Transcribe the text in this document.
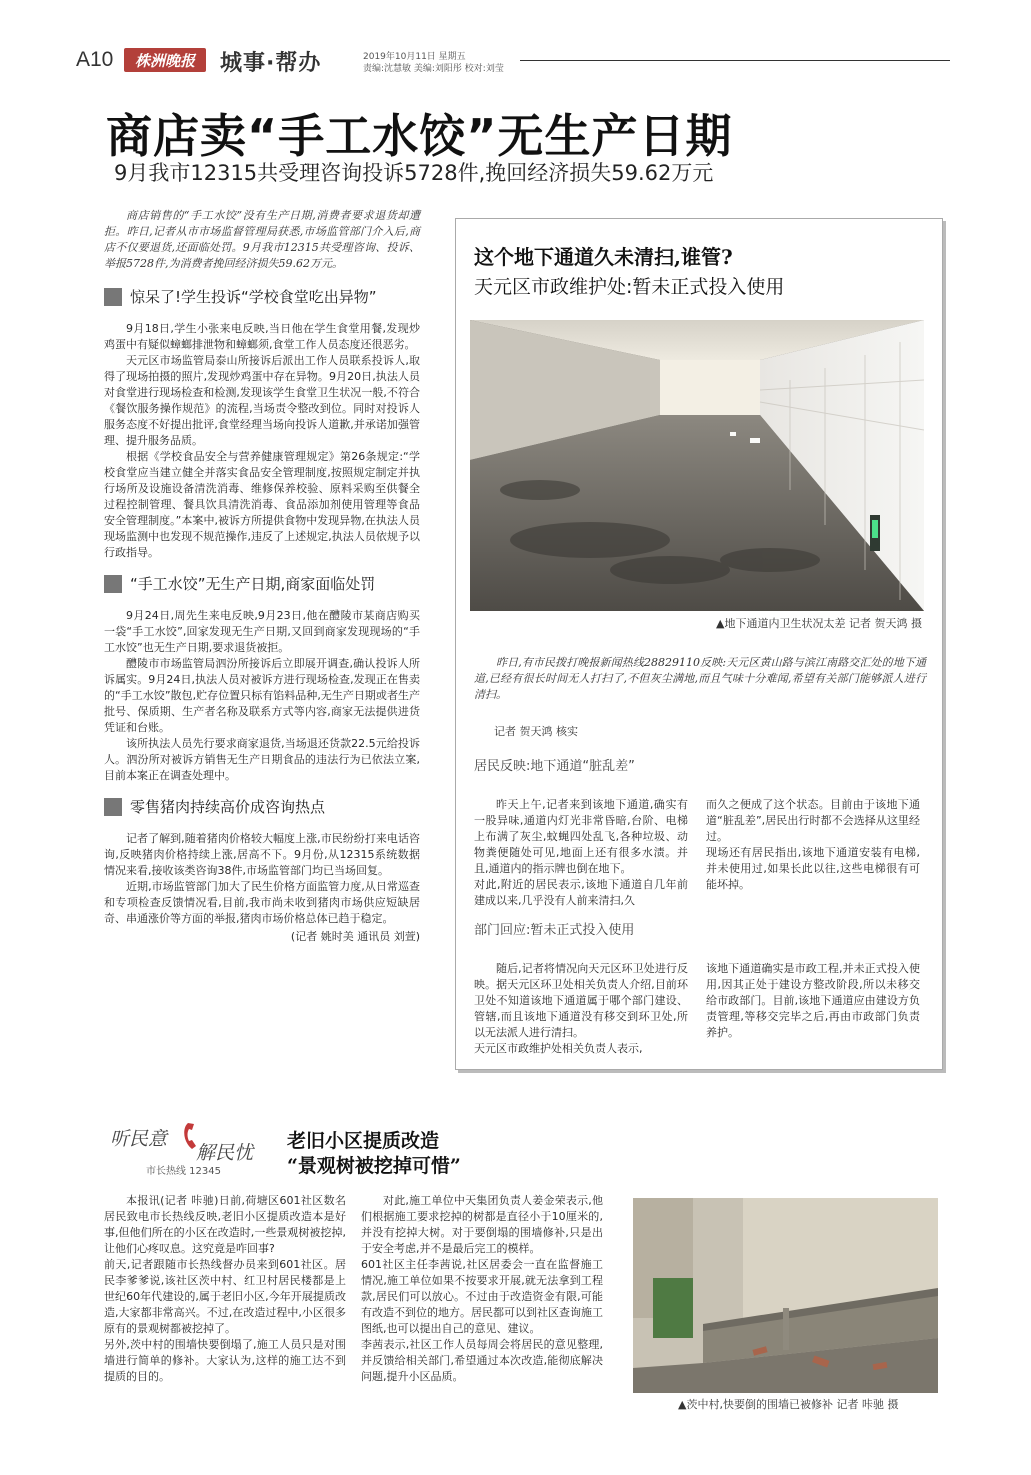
A10	株洲晚报	城事·帮办	2019年10月11日 星期五
责编:沈慧敏 美编:刘阳彤 校对:刘莹
商店卖“手工水饺”无生产日期
9月我市12315共受理咨询投诉5728件,挽回经济损失59.62万元
商店销售的“手工水饺”没有生产日期,消费者要求退货却遭拒。昨日,记者从市市场监督管理局获悉,市场监管部门介入后,商店不仅要退货,还面临处罚。9月我市12315共受理咨询、投诉、举报5728件,为消费者挽回经济损失59.62万元。
惊呆了!学生投诉“学校食堂吃出异物”

9月18日,学生小张来电反映,当日他在学生食堂用餐,发现炒鸡蛋中有疑似蟑螂排泄物和蟑螂须,食堂工作人员态度还很恶劣。

天元区市场监管局泰山所接诉后派出工作人员联系投诉人,取得了现场拍摄的照片,发现炒鸡蛋中存在异物。9月20日,执法人员对食堂进行现场检查和检测,发现该学生食堂卫生状况一般,不符合《餐饮服务操作规范》的流程,当场责令整改到位。同时对投诉人服务态度不好提出批评,食堂经理当场向投诉人道歉,并承诺加强管理、提升服务品质。

根据《学校食品安全与营养健康管理规定》第26条规定:“学校食堂应当建立健全并落实食品安全管理制度,按照规定制定并执行场所及设施设备清洗消毒、维修保养校验、原料采购至供餐全过程控制管理、餐具饮具清洗消毒、食品添加剂使用管理等食品安全管理制度。”本案中,被诉方所提供食物中发现异物,在执法人员现场监测中也发现不规范操作,违反了上述规定,执法人员依规予以行政指导。

“手工水饺”无生产日期,商家面临处罚

9月24日,周先生来电反映,9月23日,他在醴陵市某商店购买一袋“手工水饺”,回家发现无生产日期,又回到商家发现现场的“手工水饺”也无生产日期,要求退货被拒。

醴陵市市场监管局泗汾所接诉后立即展开调查,确认投诉人所诉属实。9月24日,执法人员对被诉方进行现场检查,发现正在售卖的“手工水饺”散包,贮存位置只标有馅料品种,无生产日期或者生产批号、保质期、生产者名称及联系方式等内容,商家无法提供进货凭证和台账。

该所执法人员先行要求商家退货,当场退还货款22.5元给投诉人。泗汾所对被诉方销售无生产日期食品的违法行为已依法立案,目前本案正在调查处理中。

零售猪肉持续高价成咨询热点

记者了解到,随着猪肉价格较大幅度上涨,市民纷纷打来电话咨询,反映猪肉价格持续上涨,居高不下。9月份,从12315系统数据情况来看,接收该类咨询38件,市场监管部门均已当场回复。

近期,市场监管部门加大了民生价格方面监管力度,从日常巡查和专项检查反馈情况看,目前,我市尚未收到猪肉市场供应短缺居奇、串通涨价等方面的举报,猪肉市场价格总体已趋于稳定。

(记者 姚时美 通讯员 刘萱)
这个地下通道久未清扫,谁管?
天元区市政维护处:暂未正式投入使用
▲地下通道内卫生状况太差 记者 贺天鸿 摄
昨日,有市民拨打晚报新闻热线28829110反映:天元区黄山路与滨江南路交汇处的地下通道,已经有很长时间无人打扫了,不但灰尘满地,而且气味十分难闻,希望有关部门能够派人进行清扫。
记者 贺天鸿 核实
居民反映:地下通道“脏乱差”

昨天上午,记者来到该地下通道,确实有一股异味,通道内灯光非常昏暗,台阶、电梯上布满了灰尘,蚊蝇四处乱飞,各种垃圾、动物粪便随处可见,地面上还有很多水渍。并且,通道内的指示牌也倒在地下。
对此,附近的居民表示,该地下通道自几年前建成以来,几乎没有人前来清扫,久

而久之便成了这个状态。目前由于该地下通道“脏乱差”,居民出行时都不会选择从这里经过。
现场还有居民指出,该地下通道安装有电梯,并未使用过,如果长此以往,这些电梯很有可能坏掉。

部门回应:暂未正式投入使用

随后,记者将情况向天元区环卫处进行反映。据天元区环卫处相关负责人介绍,目前环卫处不知道该地下通道属于哪个部门建设、管辖,而且该地下通道没有移交到环卫处,所以无法派人进行清扫。
天元区市政维护处相关负责人表示,

该地下通道确实是市政工程,并未正式投入使用,因其正处于建设方整改阶段,所以未移交给市政部门。目前,该地下通道应由建设方负责管理,等移交完毕之后,再由市政部门负责养护。

听民意
解民忧
市长热线 12345
老旧小区提质改造
“景观树被挖掉可惜”

本报讯(记者 咔驰)日前,荷塘区601社区数名居民致电市长热线反映,老旧小区提质改造本是好事,但他们所在的小区在改造时,一些景观树被挖掉,让他们心疼叹息。这究竟是咋回事?
前天,记者跟随市长热线督办员来到601社区。居民李爹爹说,该社区茨中村、红卫村居民楼都是上世纪60年代建设的,属于老旧小区,今年开展提质改造,大家都非常高兴。不过,在改造过程中,小区很多原有的景观树都被挖掉了。
另外,茨中村的围墙快要倒塌了,施工人员只是对围墙进行简单的修补。大家认为,这样的施工达不到提质的目的。

对此,施工单位中天集团负责人姜金荣表示,他们根据施工要求挖掉的树都是直径小于10厘米的,并没有挖掉大树。对于要倒塌的围墙修补,只是出于安全考虑,并不是最后完工的模样。
601社区主任李茜说,社区居委会一直在监督施工情况,施工单位如果不按要求开展,就无法拿到工程款,居民们可以放心。不过由于改造资金有限,可能有改造不到位的地方。居民都可以到社区查询施工图纸,也可以提出自己的意见、建议。
李茜表示,社区工作人员每周会将居民的意见整理,并反馈给相关部门,希望通过本次改造,能彻底解决问题,提升小区品质。

▲茨中村,快要倒的围墙已被修补 记者 咔驰 摄
